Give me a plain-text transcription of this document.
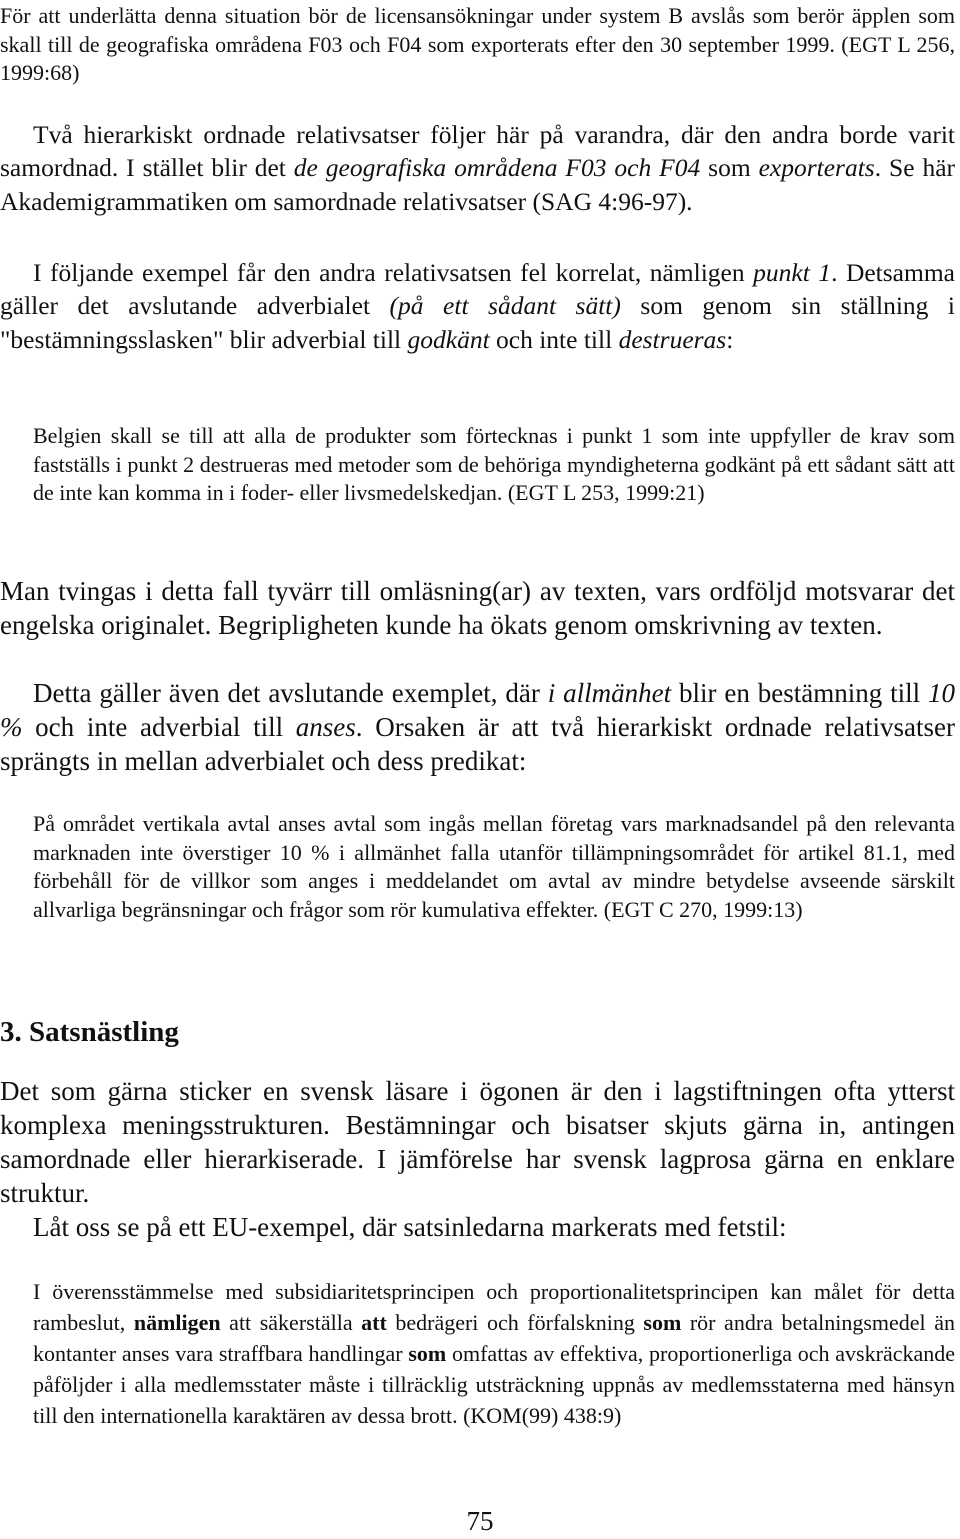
För att underlätta denna situation bör de licensansökningar under system B avslås som berör äpplen som skall till de geografiska områdena F03 och F04 som exporterats efter den 30 september 1999. (EGT L 256, 1999:68)

Två hierarkiskt ordnade relativsatser följer här på varandra, där den andra borde varit samordnad. I stället blir det de geografiska områdena F03 och F04 som exporterats. Se här Akademigrammatiken om samordnade relativsatser (SAG 4:96-97).

I följande exempel får den andra relativsatsen fel korrelat, nämligen punkt 1. Detsamma gäller det avslutande adverbialet (på ett sådant sätt) som genom sin ställning i "bestämningsslasken" blir adverbial till godkänt och inte till destrueras:

Belgien skall se till att alla de produkter som förtecknas i punkt 1 som inte uppfyller de krav som fastställs i punkt 2 destrueras med metoder som de behöriga myndigheterna godkänt på ett sådant sätt att de inte kan komma in i foder- eller livsmedelskedjan. (EGT L 253, 1999:21)

Man tvingas i detta fall tyvärr till omläsning(ar) av texten, vars ordföljd motsvarar det engelska originalet. Begripligheten kunde ha ökats genom omskrivning av texten.

Detta gäller även det avslutande exemplet, där i allmänhet blir en bestämning till 10 % och inte adverbial till anses. Orsaken är att två hierarkiskt ordnade relativsatser sprängts in mellan adverbialet och dess predikat:

På området vertikala avtal anses avtal som ingås mellan företag vars marknadsandel på den relevanta marknaden inte överstiger 10 % i allmänhet falla utanför tillämpningsområdet för artikel 81.1, med förbehåll för de villkor som anges i meddelandet om avtal av mindre betydelse avseende särskilt allvarliga begränsningar och frågor som rör kumulativa effekter. (EGT C 270, 1999:13)

3. Satsnästling

Det som gärna sticker en svensk läsare i ögonen är den i lagstiftningen ofta ytterst komplexa meningsstrukturen. Bestämningar och bisatser skjuts gärna in, antingen samordnade eller hierarkiserade. I jämförelse har svensk lagprosa gärna en enklare struktur.

Låt oss se på ett EU-exempel, där satsinledarna markerats med fetstil:

I överensstämmelse med subsidiaritetsprincipen och proportionalitetsprincipen kan målet för detta rambeslut, nämligen att säkerställa att bedrägeri och förfalskning som rör andra betalningsmedel än kontanter anses vara straffbara handlingar som omfattas av effektiva, proportionerliga och avskräckande påföljder i alla medlemsstater måste i tillräcklig utsträckning uppnås av medlemsstaterna med hänsyn till den internationella karaktären av dessa brott. (KOM(99) 438:9)

75
